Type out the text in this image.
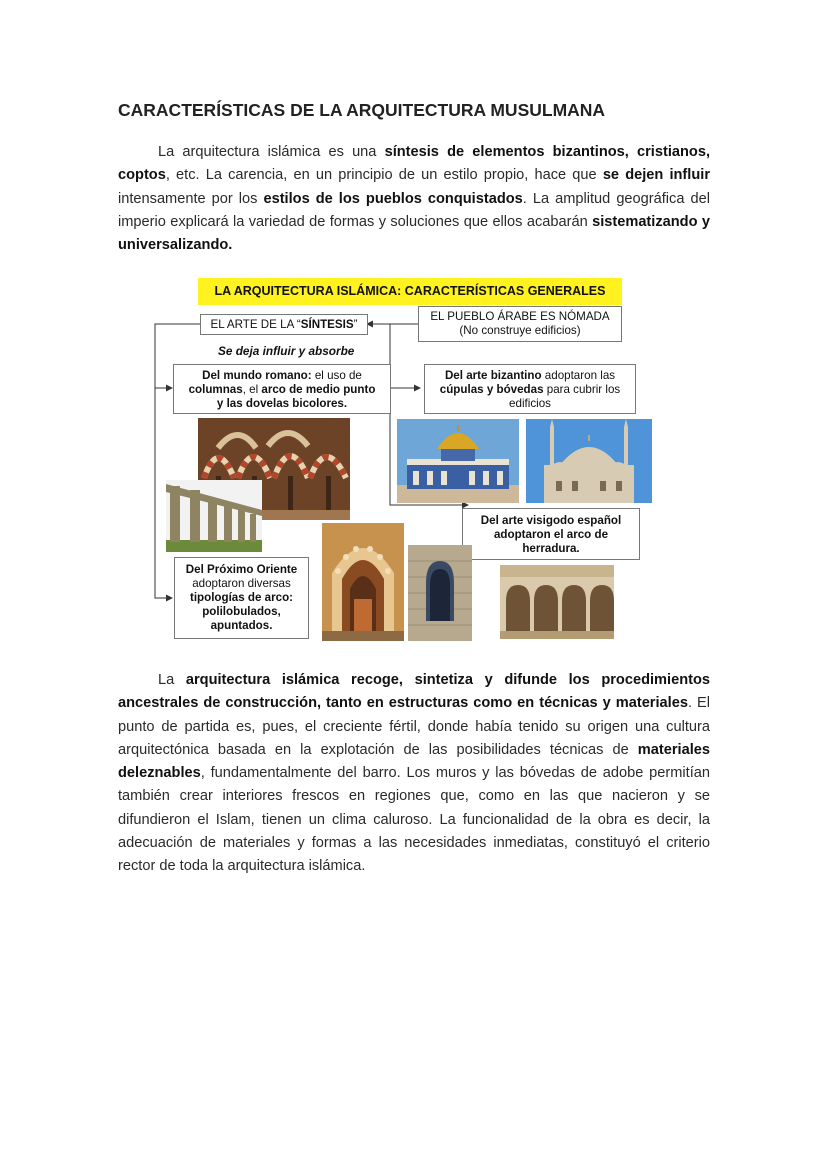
CARACTERÍSTICAS DE LA ARQUITECTURA MUSULMANA

La arquitectura islámica es una síntesis de elementos bizantinos, cristianos, coptos, etc. La carencia, en un principio de un estilo propio, hace que se dejen influir intensamente por los estilos de los pueblos conquistados. La amplitud geográfica del imperio explicará la variedad de formas y soluciones que ellos acabarán sistematizando y universalizando.

LA ARQUITECTURA ISLÁMICA: CARACTERÍSTICAS GENERALES
EL ARTE DE LA “SÍNTESIS”
EL PUEBLO ÁRABE ES NÓMADA
(No construye edificios)
Se deja influir y absorbe
Del mundo romano: el uso de
columnas, el arco de medio punto
y las dovelas bicolores.
Del arte bizantino adoptaron las
cúpulas y bóvedas para cubrir los
edificios
Del arte visigodo español
adoptaron el arco de
herradura.
Del Próximo Oriente
adoptaron diversas
tipologías de arco:
polilobulados,
apuntados.

La arquitectura islámica recoge, sintetiza y difunde los procedimientos ancestrales de construcción, tanto en estructuras como en técnicas y materiales. El punto de partida es, pues, el creciente fértil, donde había tenido su origen una cultura arquitectónica basada en la explotación de las posibilidades técnicas de materiales deleznables, fundamentalmente del barro. Los muros y las bóvedas de adobe permitían también crear interiores frescos en regiones que, como en las que nacieron y se difundieron el Islam, tienen un clima caluroso. La funcionalidad de la obra es decir, la adecuación de materiales y formas a las necesidades inmediatas, constituyó el criterio rector de toda la arquitectura islámica.
